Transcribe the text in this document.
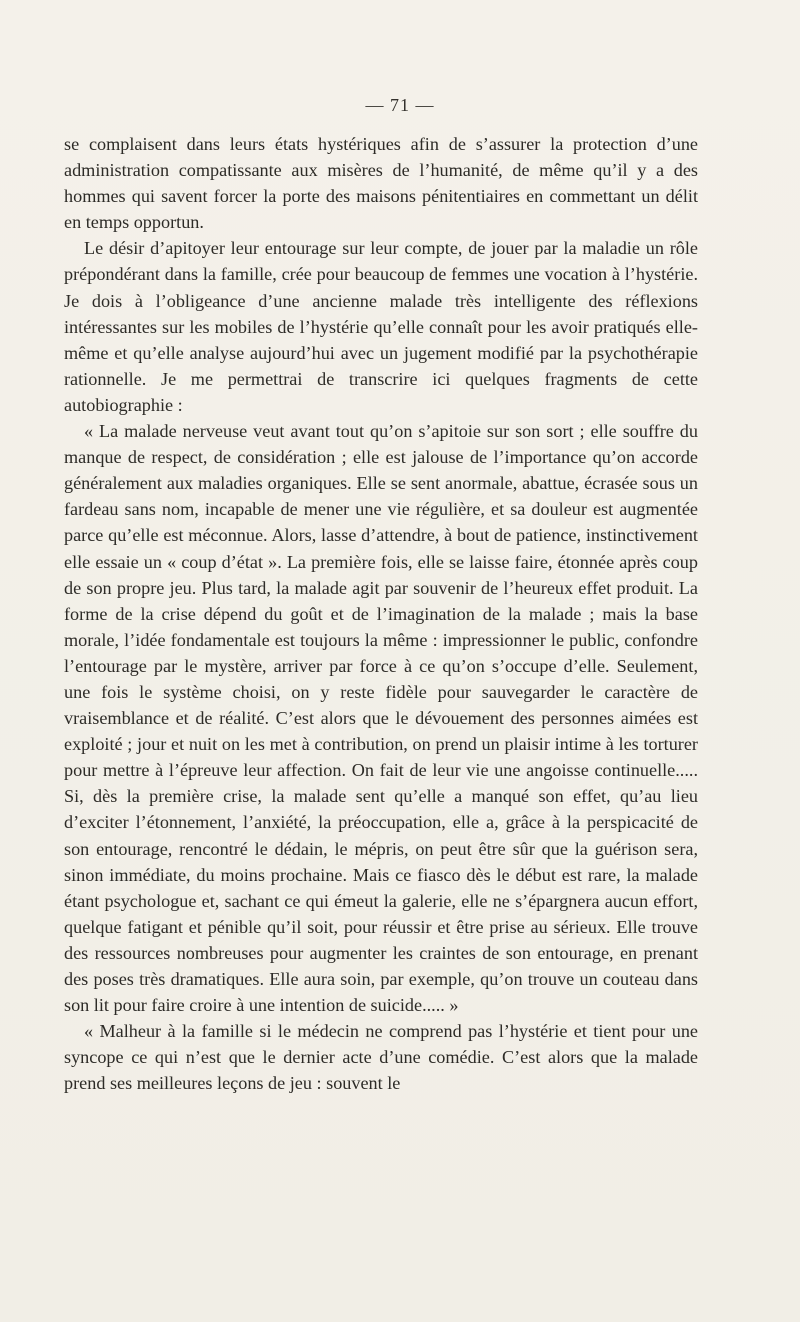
— 71 —

se complaisent dans leurs états hystériques afin de s’assurer la protection d’une administration compatissante aux misères de l’humanité, de même qu’il y a des hommes qui savent forcer la porte des maisons pénitentiaires en commettant un délit en temps opportun.

Le désir d’apitoyer leur entourage sur leur compte, de jouer par la maladie un rôle prépondérant dans la famille, crée pour beaucoup de femmes une vocation à l’hystérie. Je dois à l’obligeance d’une ancienne malade très intelligente des réflexions intéressantes sur les mobiles de l’hystérie qu’elle connaît pour les avoir pratiqués elle-même et qu’elle analyse aujourd’hui avec un jugement modifié par la psychothérapie rationnelle. Je me permettrai de transcrire ici quelques fragments de cette autobiographie :

« La malade nerveuse veut avant tout qu’on s’apitoie sur son sort ; elle souffre du manque de respect, de considération ; elle est jalouse de l’importance qu’on accorde généralement aux maladies organiques. Elle se sent anormale, abattue, écrasée sous un fardeau sans nom, incapable de mener une vie régulière, et sa douleur est augmentée parce qu’elle est méconnue. Alors, lasse d’attendre, à bout de patience, instinctivement elle essaie un « coup d’état ». La première fois, elle se laisse faire, étonnée après coup de son propre jeu. Plus tard, la malade agit par souvenir de l’heureux effet produit. La forme de la crise dépend du goût et de l’imagination de la malade ; mais la base morale, l’idée fondamentale est toujours la même : impressionner le public, confondre l’entourage par le mystère, arriver par force à ce qu’on s’occupe d’elle. Seulement, une fois le système choisi, on y reste fidèle pour sauvegarder le caractère de vraisemblance et de réalité. C’est alors que le dévouement des personnes aimées est exploité ; jour et nuit on les met à contribution, on prend un plaisir intime à les torturer pour mettre à l’épreuve leur affection. On fait de leur vie une angoisse continuelle..... Si, dès la première crise, la malade sent qu’elle a manqué son effet, qu’au lieu d’exciter l’étonnement, l’anxiété, la préoccupation, elle a, grâce à la perspicacité de son entourage, rencontré le dédain, le mépris, on peut être sûr que la guérison sera, sinon immédiate, du moins prochaine. Mais ce fiasco dès le début est rare, la malade étant psychologue et, sachant ce qui émeut la galerie, elle ne s’épargnera aucun effort, quelque fatigant et pénible qu’il soit, pour réussir et être prise au sérieux. Elle trouve des ressources nombreuses pour augmenter les craintes de son entourage, en prenant des poses très dramatiques. Elle aura soin, par exemple, qu’on trouve un couteau dans son lit pour faire croire à une intention de suicide..... »

« Malheur à la famille si le médecin ne comprend pas l’hystérie et tient pour une syncope ce qui n’est que le dernier acte d’une comédie. C’est alors que la malade prend ses meilleures leçons de jeu : souvent le
